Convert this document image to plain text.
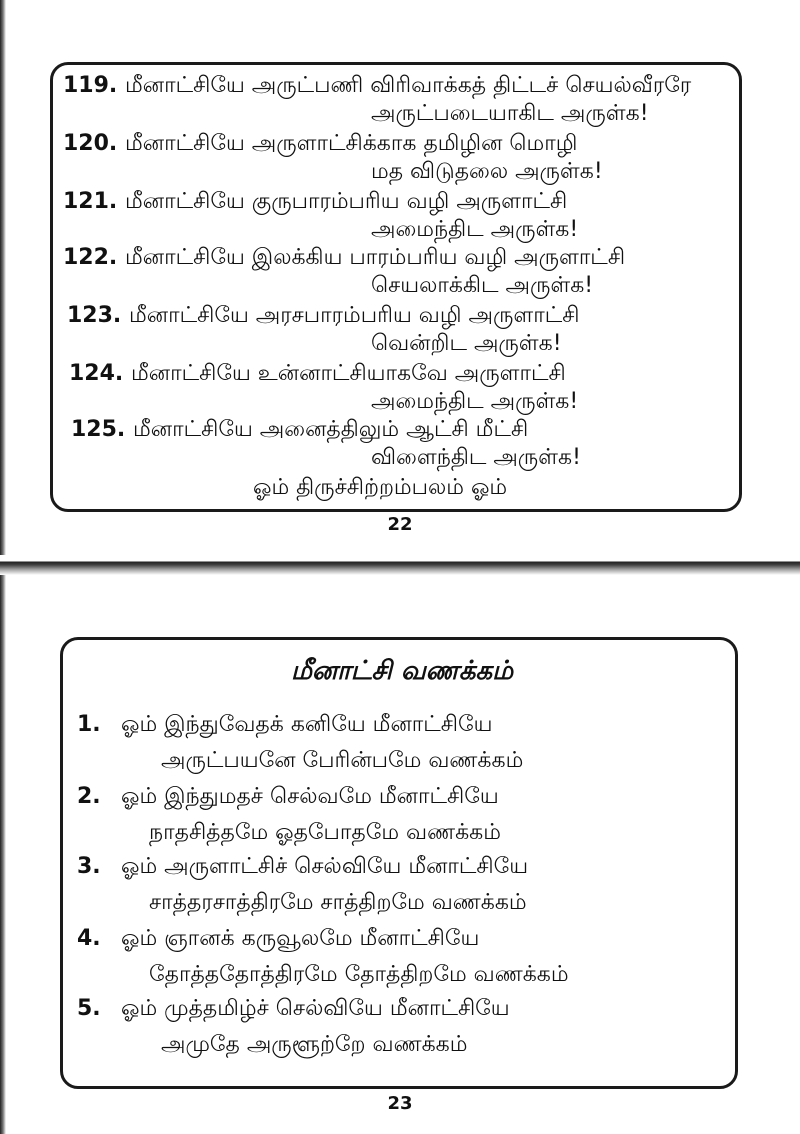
119. மீனாட்சியே அருட்பணி விரிவாக்கத் திட்டச் செயல்வீரரே
அருட்படையாகிட அருள்க!
120. மீனாட்சியே அருளாட்சிக்காக தமிழின மொழி
மத விடுதலை அருள்க!
121. மீனாட்சியே குருபாரம்பரிய வழி அருளாட்சி
அமைந்திட அருள்க!
122. மீனாட்சியே இலக்கிய பாரம்பரிய வழி அருளாட்சி
செயலாக்கிட அருள்க!
123. மீனாட்சியே அரசபாரம்பரிய வழி அருளாட்சி
வென்றிட அருள்க!
124. மீனாட்சியே உன்னாட்சியாகவே அருளாட்சி
அமைந்திட அருள்க!
125. மீனாட்சியே அனைத்திலும் ஆட்சி மீட்சி
விளைந்திட அருள்க!
ஓம் திருச்சிற்றம்பலம் ஓம்
22
மீனாட்சி வணக்கம்
1. ஓம் இந்துவேதக் கனியே மீனாட்சியே
அருட்பயனே பேரின்பமே வணக்கம்
2. ஓம் இந்துமதச் செல்வமே மீனாட்சியே
நாதசித்தமே ஓதபோதமே வணக்கம்
3. ஓம் அருளாட்சிச் செல்வியே மீனாட்சியே
சாத்தரசாத்திரமே சாத்திறமே வணக்கம்
4. ஓம் ஞானக் கருவூலமே மீனாட்சியே
தோத்ததோத்திரமே தோத்திறமே வணக்கம்
5. ஓம் முத்தமிழ்ச் செல்வியே மீனாட்சியே
அமுதே அருளூற்றே வணக்கம்
23
